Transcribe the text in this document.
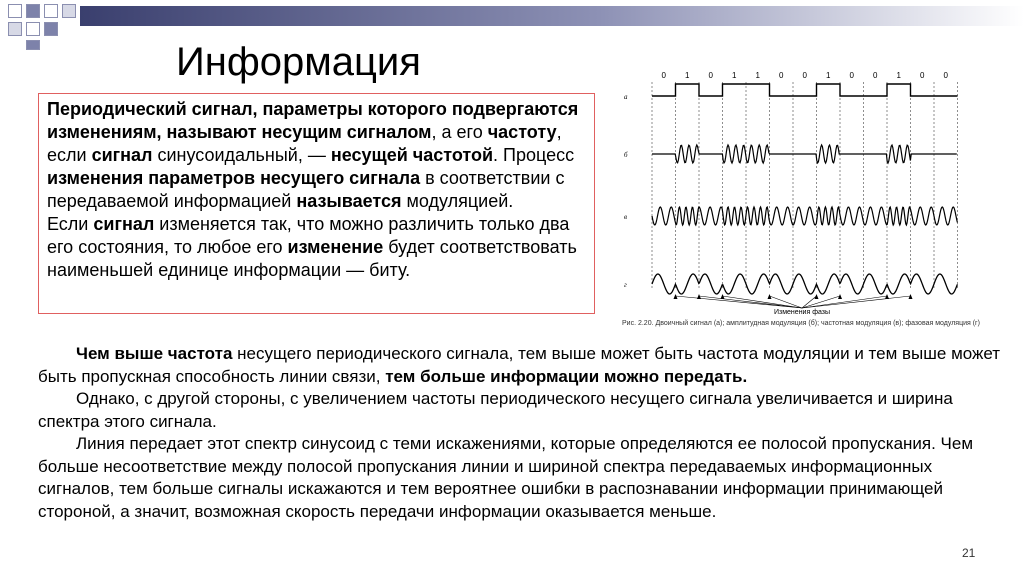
Информация

Периодический сигнал, параметры которого подвергаются изменениям, называют несущим сигналом, а его частоту, если сигнал синусоидальный, — несущей частотой. Процесс изменения параметров несущего сигнала в соответствии с передаваемой информацией называется модуляцией.

Если сигнал изменяется так, что можно различить только два его состояния, то любое его изменение будет соответствовать наименьшей единице информации — биту.

0 1 0 1 1 0 0 1 0 0 1 0 0
а
б
в
г
Изменения фазы
Рис. 2.20. Двоичный сигнал (а); амплитудная модуляция (б); частотная модуляция (в); фазовая модуляция (г)

Чем выше частота несущего периодического сигнала, тем выше может быть частота модуляции и тем выше может быть пропускная способность линии связи, тем больше информации можно передать.

Однако, с другой стороны, с увеличением частоты периодического несущего сигнала увеличивается и ширина спектра этого сигнала.

Линия передает этот спектр синусоид с теми искажениями, которые определяются ее полосой пропускания. Чем больше несоответствие между полосой пропускания линии и шириной спектра передаваемых информационных сигналов, тем больше сигналы искажаются и тем вероятнее ошибки в распознавании информации принимающей стороной, а значит, возможная скорость передачи информации оказывается меньше.

21
